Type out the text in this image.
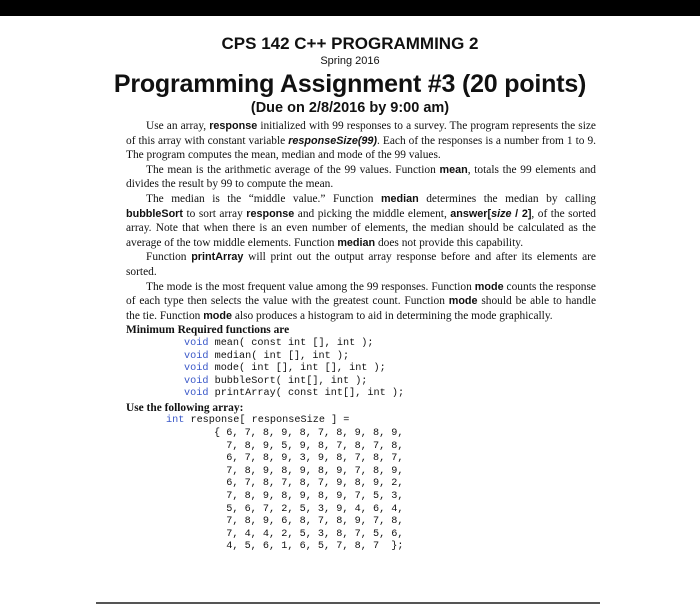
CPS 142 C++ PROGRAMMING 2
Spring 2016
Programming Assignment #3 (20 points)
(Due on 2/8/2016 by 9:00 am)

Use an array, response initialized with 99 responses to a survey. The program represents the size of this array with constant variable responseSize(99). Each of the responses is a number from 1 to 9. The program computes the mean, median and mode of the 99 values.

The mean is the arithmetic average of the 99 values. Function mean, totals the 99 elements and divides the result by 99 to compute the mean.

The median is the “middle value.” Function median determines the median by calling bubbleSort to sort array response and picking the middle element, answer[size / 2], of the sorted array. Note that when there is an even number of elements, the median should be calculated as the average of the tow middle elements. Function median does not provide this capability.

Function printArray will print out the output array response before and after its elements are sorted.

The mode is the most frequent value among the 99 responses. Function mode counts the response of each type then selects the value with the greatest count. Function mode should be able to handle the tie. Function mode also produces a histogram to aid in determining the mode graphically.

Minimum Required functions are
void mean( const int [], int );
void median( int [], int );
void mode( int [], int [], int );
void bubbleSort( int[], int );
void printArray( const int[], int );
Use the following array:
int response[ responseSize ] =
{ 6, 7, 8, 9, 8, 7, 8, 9, 8, 9,
7, 8, 9, 5, 9, 8, 7, 8, 7, 8,
6, 7, 8, 9, 3, 9, 8, 7, 8, 7,
7, 8, 9, 8, 9, 8, 9, 7, 8, 9,
6, 7, 8, 7, 8, 7, 9, 8, 9, 2,
7, 8, 9, 8, 9, 8, 9, 7, 5, 3,
5, 6, 7, 2, 5, 3, 9, 4, 6, 4,
7, 8, 9, 6, 8, 7, 8, 9, 7, 8,
7, 4, 4, 2, 5, 3, 8, 7, 5, 6,
4, 5, 6, 1, 6, 5, 7, 8, 7  };
